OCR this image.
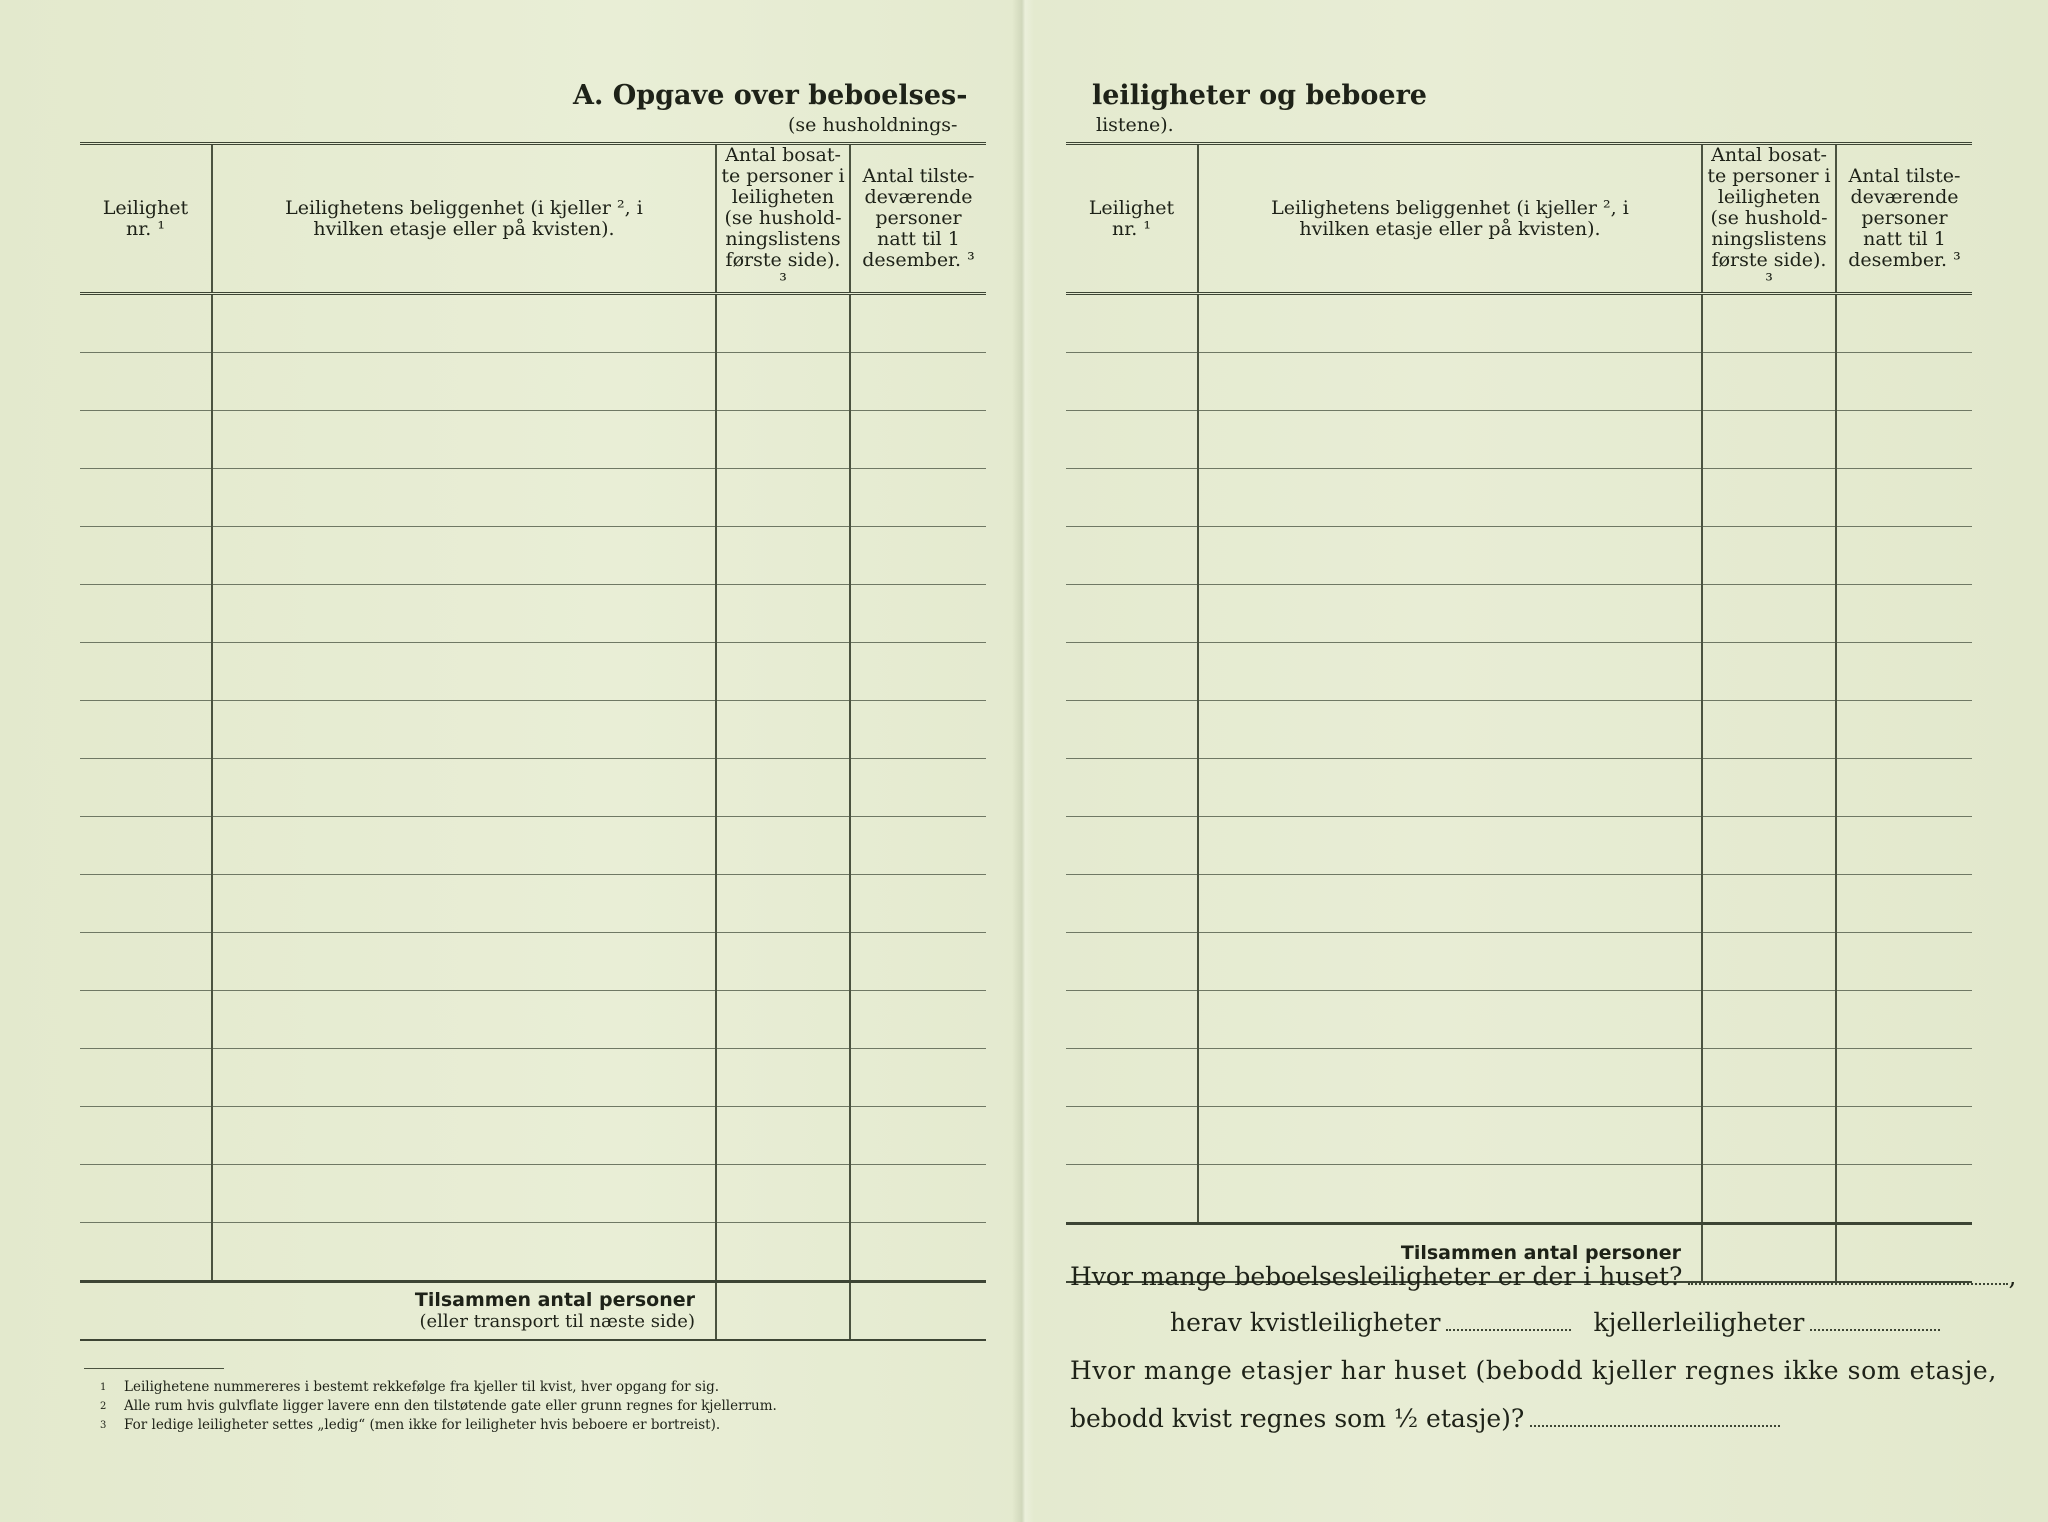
A. Opgave over beboelses-
(se husholdnings-
Leilighet nr. ¹	Leilighetens beliggenhet (i kjeller ², i hvilken etasje eller på kvisten).	Antal bosat-te personer i leiligheten (se hushold-ningslistens første side). ³	Antal tilste-deværende personer natt til 1 desember. ³

Tilsammen antal personer
(eller transport til næste side)			

1 Leilighetene nummereres i bestemt rekkefølge fra kjeller til kvist, hver opgang for sig.
2 Alle rum hvis gulvflate ligger lavere enn den tilstøtende gate eller grunn regnes for kjellerrum.
3 For ledige leiligheter settes „ledig“ (men ikke for leiligheter hvis beboere er bortreist).
leiligheter og beboere
listene).
Leilighet nr. ¹	Leilighetens beliggenhet (i kjeller ², i hvilken etasje eller på kvisten).	Antal bosat-te personer i leiligheten (se hushold-ningslistens første side). ³	Antal tilste-deværende personer natt til 1 desember. ³

Tilsammen antal personer			

Hvor mange beboelsesleiligheter er der i huset?	,
herav kvistleiligheter	kjellerleiligheter
Hvor mange etasjer har huset (bebodd kjeller regnes ikke som etasje,
bebodd kvist regnes som ½ etasje)?
